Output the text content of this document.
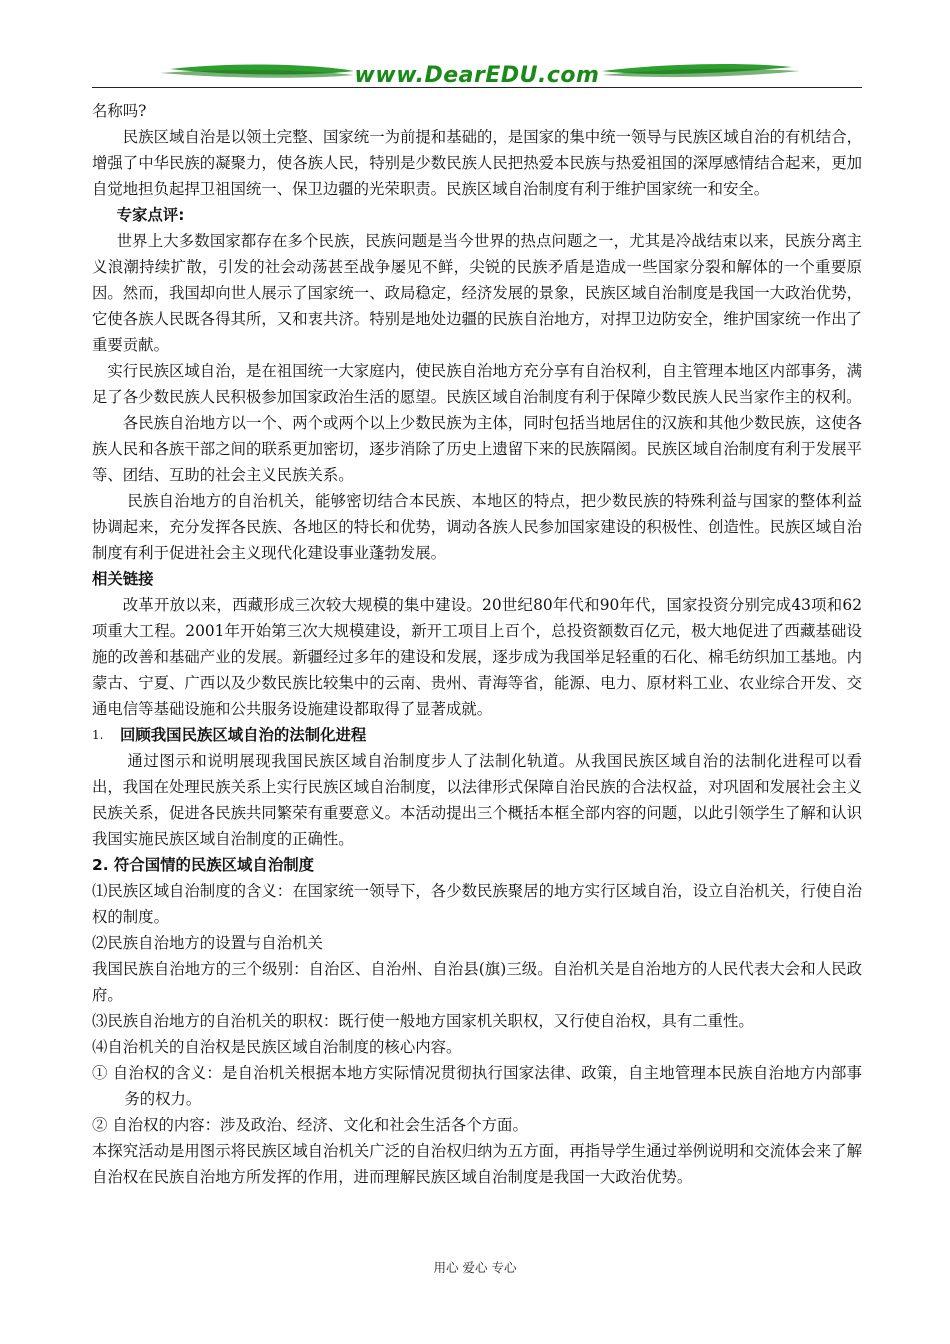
www.DearEDU.com

名称吗?

民族区域自治是以领土完整、国家统一为前提和基础的，是国家的集中统一领导与民族区域自治的有机结合，增强了中华民族的凝聚力，使各族人民，特别是少数民族人民把热爱本民族与热爱祖国的深厚感情结合起来，更加自觉地担负起捍卫祖国统一、保卫边疆的光荣职责。民族区域自治制度有利于维护国家统一和安全。

专家点评:

世界上大多数国家都存在多个民族，民族问题是当今世界的热点问题之一，尤其是冷战结束以来，民族分离主义浪潮持续扩散，引发的社会动荡甚至战争屡见不鲜，尖锐的民族矛盾是造成一些国家分裂和解体的一个重要原因。然而，我国却向世人展示了国家统一、政局稳定，经济发展的景象，民族区域自治制度是我国一大政治优势，它使各族人民既各得其所，又和衷共济。特别是地处边疆的民族自治地方，对捍卫边防安全，维护国家统一作出了重要贡献。

实行民族区域自治，是在祖国统一大家庭内，使民族自治地方充分享有自治权利，自主管理本地区内部事务，满足了各少数民族人民积极参加国家政治生活的愿望。民族区域自治制度有利于保障少数民族人民当家作主的权利。

各民族自治地方以一个、两个或两个以上少数民族为主体，同时包括当地居住的汉族和其他少数民族，这使各族人民和各族干部之间的联系更加密切，逐步消除了历史上遗留下来的民族隔阂。民族区域自治制度有利于发展平等、团结、互助的社会主义民族关系。

民族自治地方的自治机关，能够密切结合本民族、本地区的特点，把少数民族的特殊利益与国家的整体利益协调起来，充分发挥各民族、各地区的特长和优势，调动各族人民参加国家建设的积极性、创造性。民族区域自治制度有利于促进社会主义现代化建设事业蓬勃发展。

相关链接

改革开放以来，西藏形成三次较大规模的集中建设。20世纪80年代和90年代，国家投资分别完成43项和62项重大工程。2001年开始第三次大规模建设，新开工项目上百个，总投资额数百亿元，极大地促进了西藏基础设施的改善和基础产业的发展。新疆经过多年的建设和发展，逐步成为我国举足轻重的石化、棉毛纺织加工基地。内蒙古、宁夏、广西以及少数民族比较集中的云南、贵州、青海等省，能源、电力、原材料工业、农业综合开发、交通电信等基础设施和公共服务设施建设都取得了显著成就。

1.	回顾我国民族区域自治的法制化进程

通过图示和说明展现我国民族区域自治制度步人了法制化轨道。从我国民族区域自治的法制化进程可以看出，我国在处理民族关系上实行民族区域自治制度，以法律形式保障自治民族的合法权益，对巩固和发展社会主义民族关系，促进各民族共同繁荣有重要意义。本活动提出三个概括本框全部内容的问题，以此引领学生了解和认识我国实施民族区域自治制度的正确性。

2. 符合国情的民族区域自治制度

⑴民族区域自治制度的含义：在国家统一领导下，各少数民族聚居的地方实行区域自治，设立自治机关，行使自治权的制度。

⑵民族自治地方的设置与自治机关

我国民族自治地方的三个级别：自治区、自治州、自治县(旗)三级。自治机关是自治地方的人民代表大会和人民政府。

⑶民族自治地方的自治机关的职权：既行使一般地方国家机关职权，又行使自治权，具有二重性。

⑷自治机关的自治权是民族区域自治制度的核心内容。

① 自治权的含义：是自治机关根据本地方实际情况贯彻执行国家法律、政策，自主地管理本民族自治地方内部事务的权力。

② 自治权的内容：涉及政治、经济、文化和社会生活各个方面。

本探究活动是用图示将民族区域自治机关广泛的自治权归纳为五方面，再指导学生通过举例说明和交流体会来了解自治权在民族自治地方所发挥的作用，进而理解民族区域自治制度是我国一大政治优势。

用心 爱心 专心
